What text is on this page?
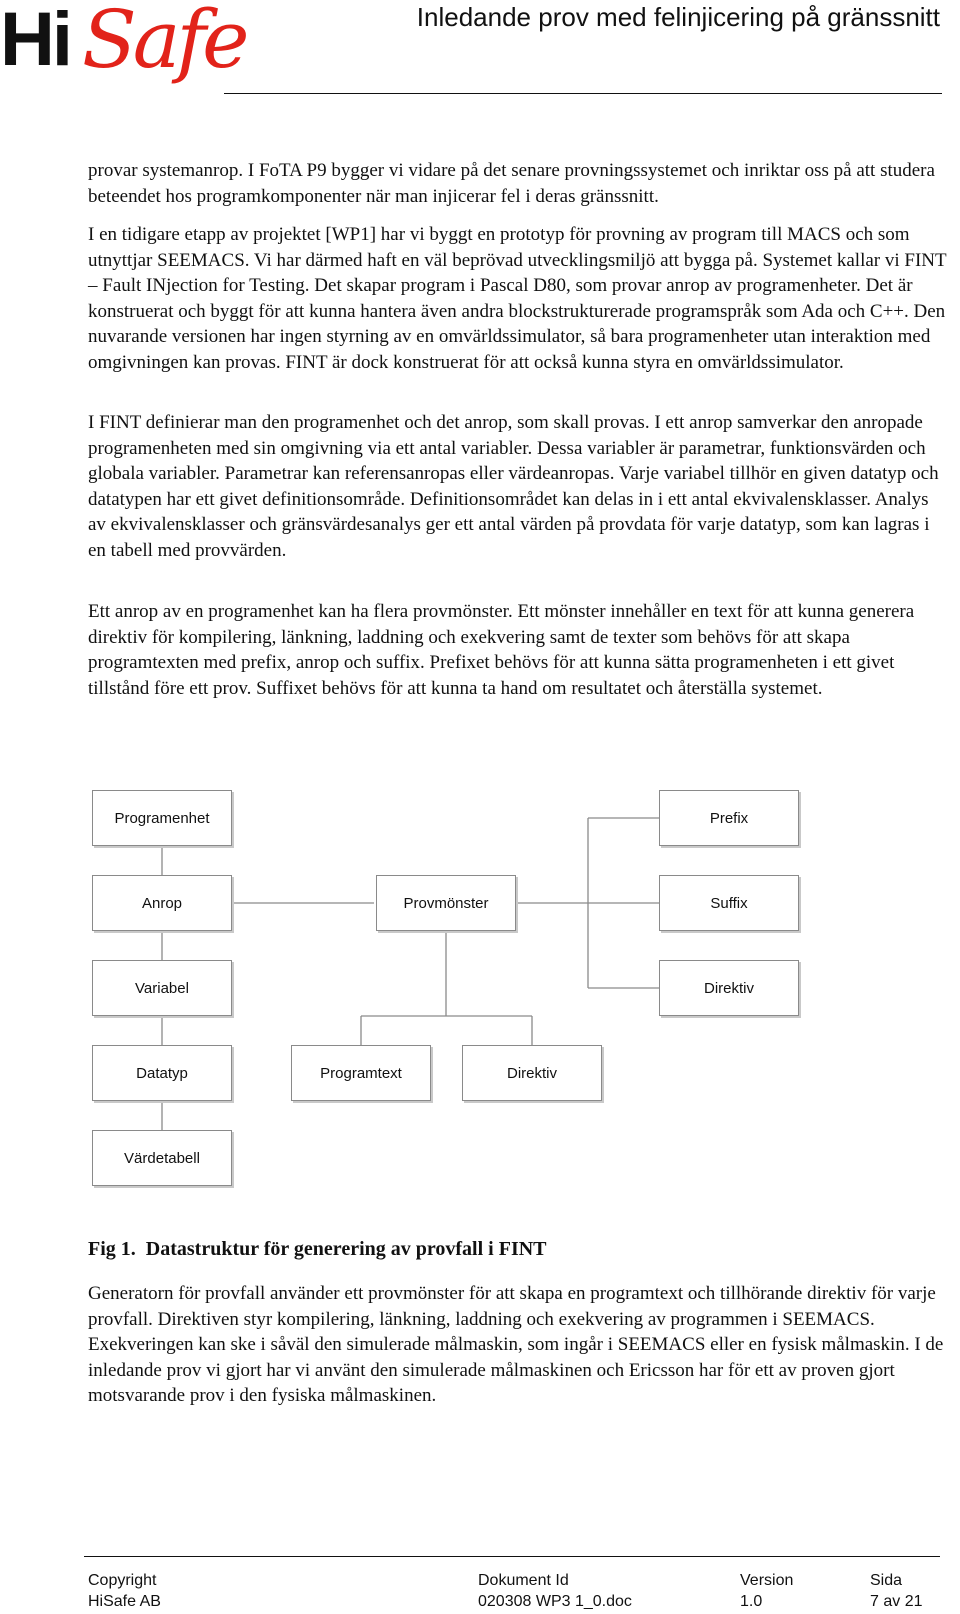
Hi Safe	Inledande prov med felinjicering på gränssnitt

provar systemanrop. I FoTA P9 bygger vi vidare på det senare provningssystemet och inriktar oss på att studera beteendet hos programkomponenter när man injicerar fel i deras gränssnitt.

I en tidigare etapp av projektet [WP1] har vi byggt en prototyp för provning av program till MACS och som utnyttjar SEEMACS. Vi har därmed haft en väl beprövad utvecklingsmiljö att bygga på. Systemet kallar vi FINT – Fault INjection for Testing. Det skapar program i Pascal D80, som provar anrop av programenheter. Det är konstruerat och byggt för att kunna hantera även andra blockstrukturerade programspråk som Ada och C++. Den nuvarande versionen har ingen styrning av en omvärldssimulator, så bara programenheter utan interaktion med omgivningen kan provas. FINT är dock konstruerat för att också kunna styra en omvärldssimulator.

I FINT definierar man den programenhet och det anrop, som skall provas. I ett anrop samverkar den anropade programenheten med sin omgivning via ett antal variabler. Dessa variabler är parametrar, funktionsvärden och globala variabler. Parametrar kan referensanropas eller värdeanropas. Varje variabel tillhör en given datatyp och datatypen har ett givet definitionsområde. Definitionsområdet kan delas in i ett antal ekvivalensklasser. Analys av ekvivalensklasser och gränsvärdesanalys ger ett antal värden på provdata för varje datatyp, som kan lagras i en tabell med provvärden.

Ett anrop av en programenhet kan ha flera provmönster. Ett mönster innehåller en text för att kunna generera direktiv för kompilering, länkning, laddning och exekvering samt de texter som behövs för att skapa programtexten med prefix, anrop och suffix. Prefixet behövs för att kunna sätta programenheten i ett givet tillstånd före ett prov. Suffixet behövs för att kunna ta hand om resultatet och återställa systemet.

Programenhet	Prefix
Anrop	Provmönster	Suffix
Variabel	Direktiv
Datatyp	Programtext	Direktiv
Värdetabell
Fig 1. Datastruktur för generering av provfall i FINT

Generatorn för provfall använder ett provmönster för att skapa en programtext och tillhörande direktiv för varje provfall. Direktiven styr kompilering, länkning, laddning och exekvering av programmen i SEEMACS. Exekveringen kan ske i såväl den simulerade målmaskin, som ingår i SEEMACS eller en fysisk målmaskin. I de inledande prov vi gjort har vi använt den simulerade målmaskinen och Ericsson har för ett av proven gjort motsvarande prov i den fysiska målmaskinen.

Copyright
HiSafe AB
Dokument Id
020308 WP3 1_0.doc
Version
1.0
Sida
7 av 21
